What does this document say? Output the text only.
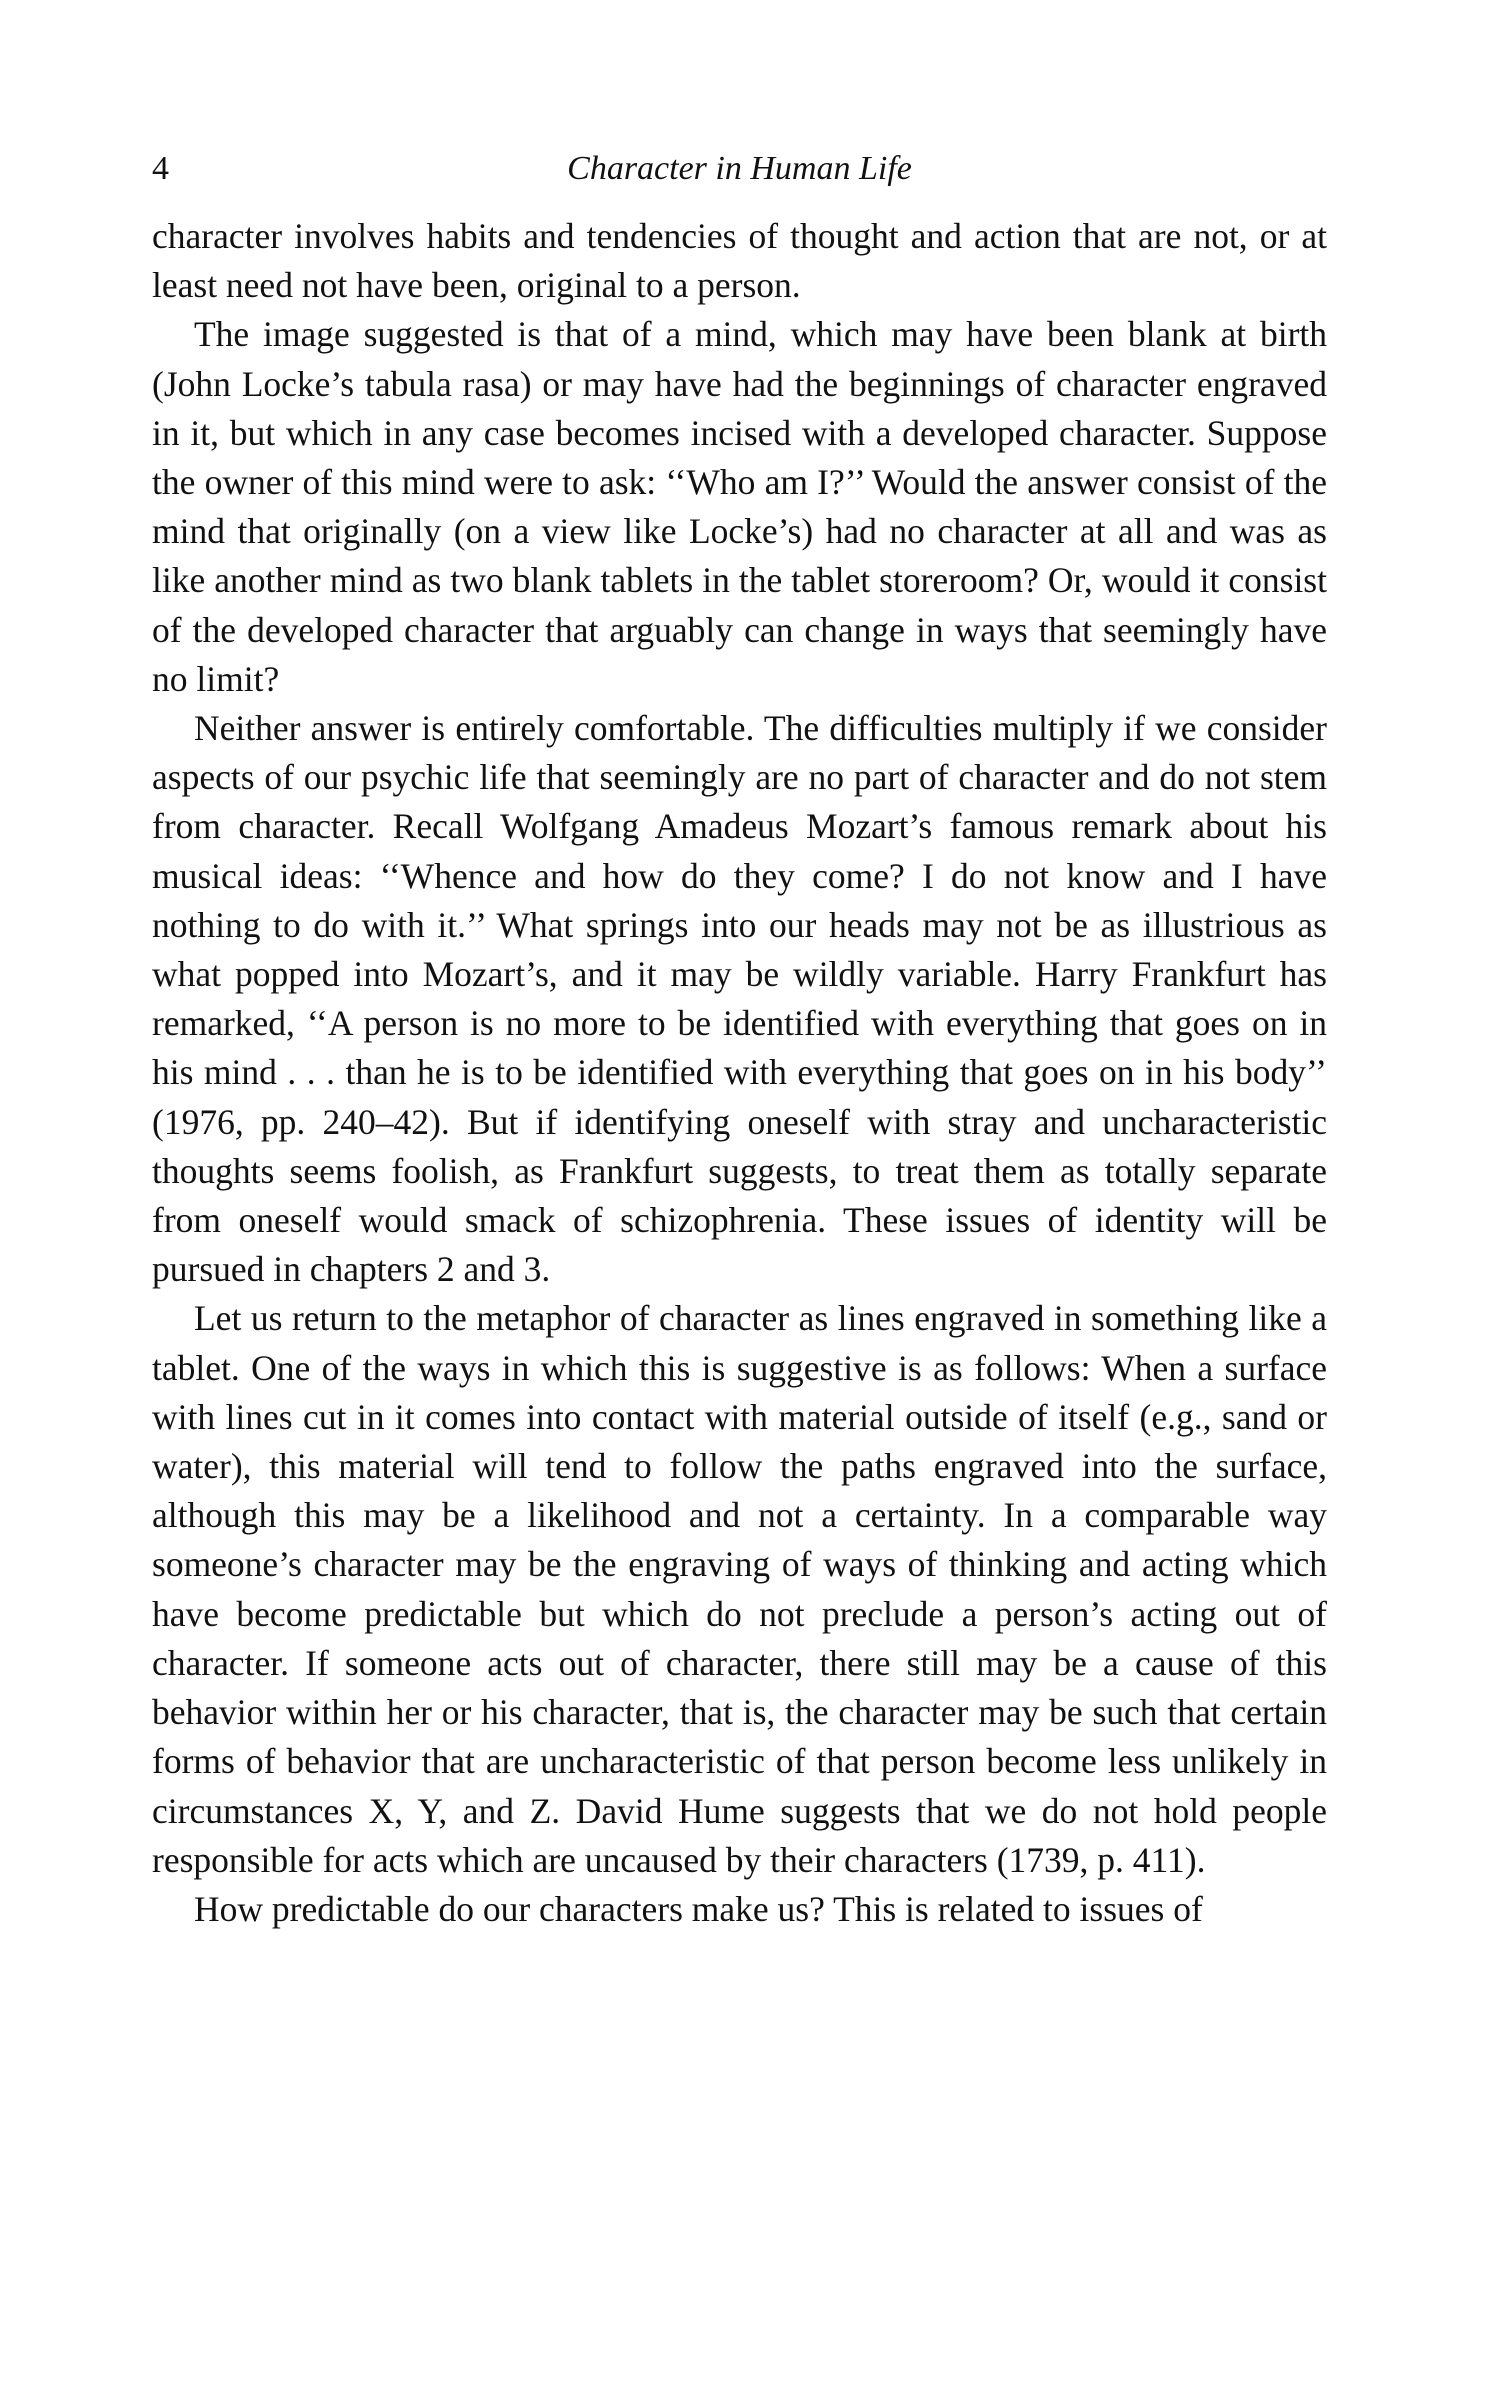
4	Character in Human Life

character involves habits and tendencies of thought and action that are not, or at least need not have been, original to a person.

The image suggested is that of a mind, which may have been blank at birth (John Locke’s tabula rasa) or may have had the beginnings of character engraved in it, but which in any case becomes incised with a developed character. Suppose the owner of this mind were to ask: ‘‘Who am I?’’ Would the answer consist of the mind that originally (on a view like Locke’s) had no character at all and was as like another mind as two blank tablets in the tablet storeroom? Or, would it consist of the developed character that arguably can change in ways that seemingly have no limit?

Neither answer is entirely comfortable. The difficulties multiply if we consider aspects of our psychic life that seemingly are no part of character and do not stem from character. Recall Wolfgang Amadeus Mozart’s famous remark about his musical ideas: ‘‘Whence and how do they come? I do not know and I have nothing to do with it.’’ What springs into our heads may not be as illustrious as what popped into Mozart’s, and it may be wildly variable. Harry Frankfurt has remarked, ‘‘A person is no more to be identified with everything that goes on in his mind . . . than he is to be identified with everything that goes on in his body’’ (1976, pp. 240–42). But if identifying oneself with stray and uncharacteristic thoughts seems foolish, as Frankfurt suggests, to treat them as totally separate from oneself would smack of schizophrenia. These issues of identity will be pursued in chapters 2 and 3.

Let us return to the metaphor of character as lines engraved in something like a tablet. One of the ways in which this is suggestive is as follows: When a surface with lines cut in it comes into contact with material outside of itself (e.g., sand or water), this material will tend to follow the paths engraved into the surface, although this may be a likelihood and not a certainty. In a comparable way someone’s character may be the engraving of ways of thinking and acting which have become predictable but which do not preclude a person’s acting out of character. If someone acts out of character, there still may be a cause of this behavior within her or his character, that is, the character may be such that certain forms of behavior that are uncharacteristic of that person become less unlikely in circumstances X, Y, and Z. David Hume suggests that we do not hold people responsible for acts which are uncaused by their characters (1739, p. 411).

How predictable do our characters make us? This is related to issues of
